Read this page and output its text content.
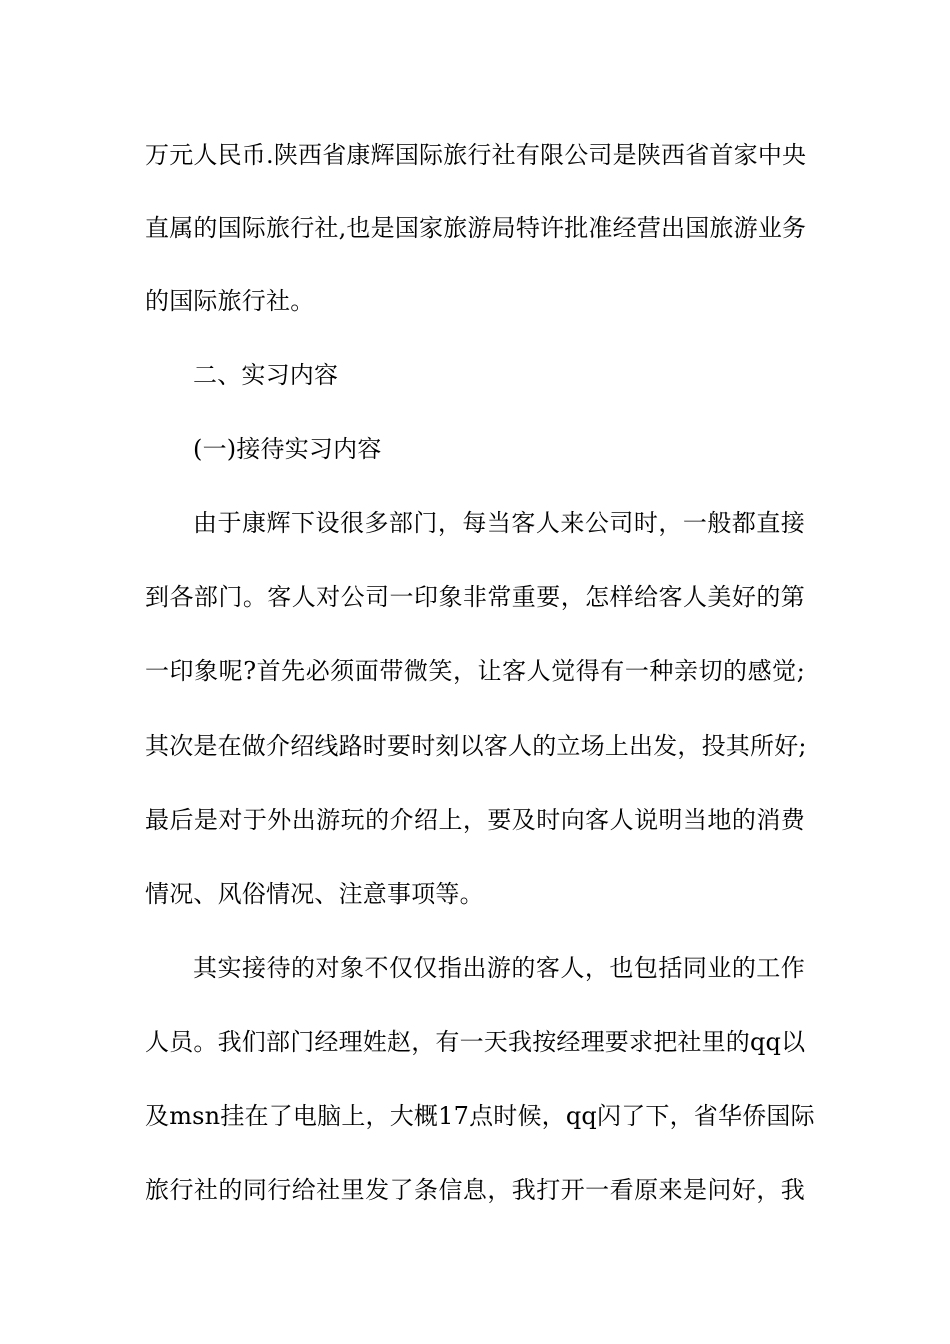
万元人民币.陕西省康辉国际旅行社有限公司是陕西省首家中央
直属的国际旅行社,也是国家旅游局特许批准经营出国旅游业务
的国际旅行社。
二、实习内容
(一)接待实习内容
由于康辉下设很多部门，每当客人来公司时，一般都直接
到各部门。客人对公司一印象非常重要，怎样给客人美好的第
一印象呢?首先必须面带微笑，让客人觉得有一种亲切的感觉;
其次是在做介绍线路时要时刻以客人的立场上出发，投其所好;
最后是对于外出游玩的介绍上，要及时向客人说明当地的消费
情况、风俗情况、注意事项等。
其实接待的对象不仅仅指出游的客人，也包括同业的工作
人员。我们部门经理姓赵，有一天我按经理要求把社里的qq以
及msn挂在了电脑上，大概17点时候，qq闪了下，省华侨国际
旅行社的同行给社里发了条信息，我打开一看原来是问好，我
